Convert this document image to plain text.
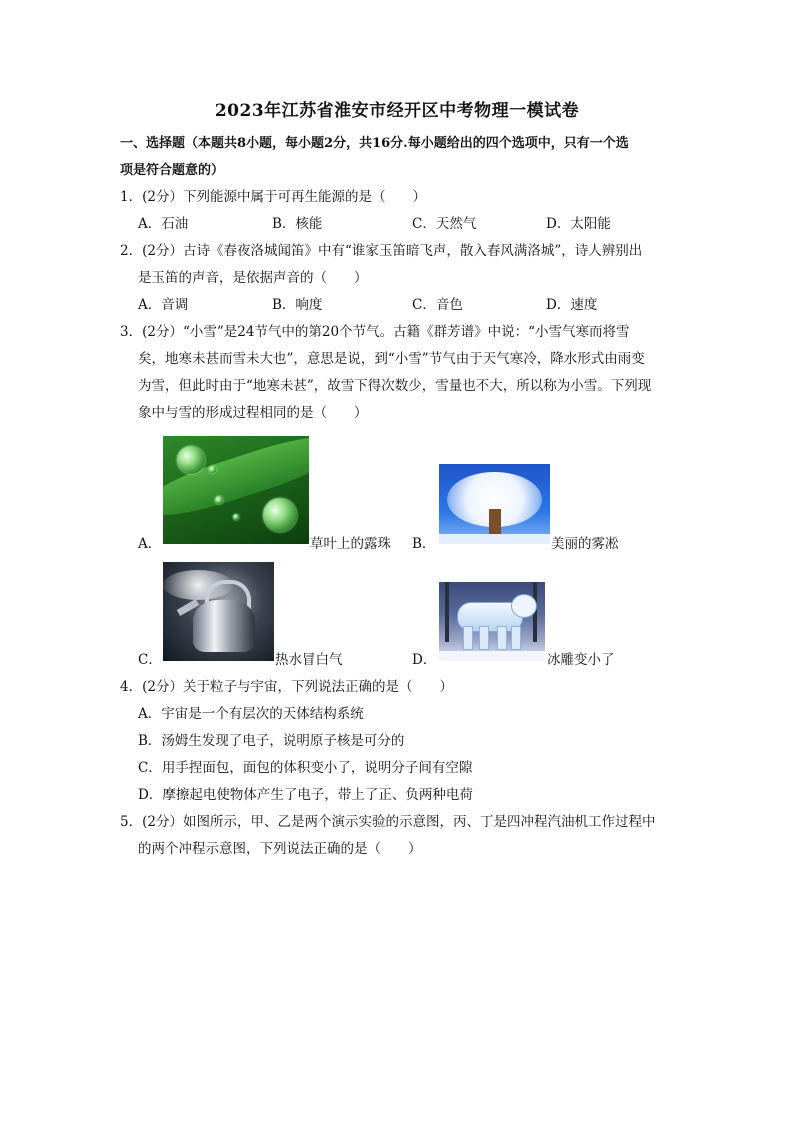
2023年江苏省淮安市经开区中考物理一模试卷
一、选择题（本题共8小题，每小题2分，共16分.每小题给出的四个选项中，只有一个选
项是符合题意的）
1．(2分）下列能源中属于可再生能源的是（　　）
A．石油	B．核能	C．天然气	D．太阳能
2．(2分）古诗《春夜洛城闻笛》中有“谁家玉笛暗飞声，散入春风满洛城”，诗人辨别出
是玉笛的声音，是依据声音的（　　）
A．音调	B．响度	C．音色	D．速度
3．(2分）“小雪”是24节气中的第20个节气。古籍《群芳谱》中说：“小雪气寒而将雪
矣，地寒未甚而雪未大也”，意思是说，到“小雪”节气由于天气寒冷，降水形式由雨变
为雪，但此时由于“地寒未甚”，故雪下得次数少，雪量也不大，所以称为小雪。下列现
象中与雪的形成过程相同的是（　　）
A．	草叶上的露珠 B．	美丽的雾凇
C．	热水冒白气	D．	冰雕变小了
4．(2分）关于粒子与宇宙，下列说法正确的是（　　）
A．宇宙是一个有层次的天体结构系统
B．汤姆生发现了电子，说明原子核是可分的
C．用手捏面包，面包的体积变小了，说明分子间有空隙
D．摩擦起电使物体产生了电子，带上了正、负两种电荷
5．(2分）如图所示，甲、乙是两个演示实验的示意图，丙、丁是四冲程汽油机工作过程中
的两个冲程示意图，下列说法正确的是（　　）
